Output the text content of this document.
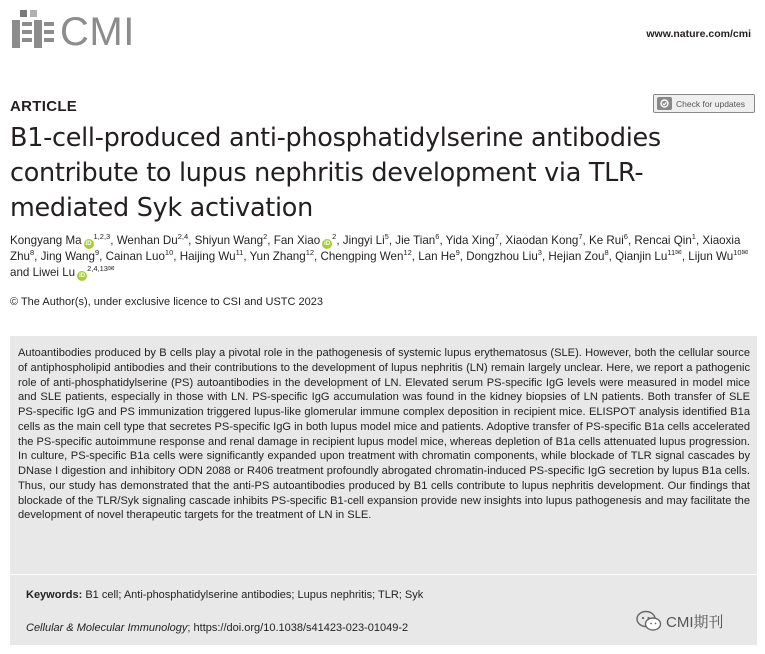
CMI	www.nature.com/cmi
ARTICLE	Check for updates
B1-cell-produced anti-phosphatidylserine antibodies contribute to lupus nephritis development via TLR-mediated Syk activation
Kongyang Ma iD$^{1,2,3}$, Wenhan Du$^{2,4}$, Shiyun Wang$^2$, Fan Xiao $iD^2$, Jingyi Li$^5$, Jie Tian$^6$, Yida Xing$^7$, Xiaodan Kong$^7$, Ke Rui$^6$, Rencai Qin$^1$, Xiaoxia Zhu$^8$, Jing Wang$^9$, Cainan Luo$^{10}$, Haijing Wu$^{11}$, Yun Zhang$^{12}$, Chengping Wen$^{12}$, Lan He$^9$, Dongzhou Liu$^3$, Hejian Zou$^8$, Qianjin $Lu^{11✉}$, Lijun $Wu^{10✉}$ and Liwei Lu $iD^{2,4,13✉}$
© The Author(s), under exclusive licence to CSI and USTC 2023

Autoantibodies produced by B cells play a pivotal role in the pathogenesis of systemic lupus erythematosus (SLE). However, both the cellular source of antiphospholipid antibodies and their contributions to the development of lupus nephritis (LN) remain largely unclear. Here, we report a pathogenic role of anti-phosphatidylserine (PS) autoantibodies in the development of LN. Elevated serum PS-specific IgG levels were measured in model mice and SLE patients, especially in those with LN. PS-specific IgG accumulation was found in the kidney biopsies of LN patients. Both transfer of SLE PS-specific IgG and PS immunization triggered lupus-like glomerular immune complex deposition in recipient mice. ELISPOT analysis identified B1a cells as the main cell type that secretes PS-specific IgG in both lupus model mice and patients. Adoptive transfer of PS-specific B1a cells accelerated the PS-specific autoimmune response and renal damage in recipient lupus model mice, whereas depletion of B1a cells attenuated lupus progression. In culture, PS-specific B1a cells were significantly expanded upon treatment with chromatin components, while blockade of TLR signal cascades by DNase I digestion and inhibitory ODN 2088 or R406 treatment profoundly abrogated chromatin-induced PS-specific IgG secretion by lupus B1a cells. Thus, our study has demonstrated that the anti-PS autoantibodies produced by B1 cells contribute to lupus nephritis development. Our findings that blockade of the TLR/Syk signaling cascade inhibits PS-specific B1-cell expansion provide new insights into lupus pathogenesis and may facilitate the development of novel therapeutic targets for the treatment of LN in SLE.

Keywords: B1 cell; Anti-phosphatidylserine antibodies; Lupus nephritis; TLR; Syk
Cellular & Molecular Immunology; https://doi.org/10.1038/s41423-023-01049-2	CMI期刊
